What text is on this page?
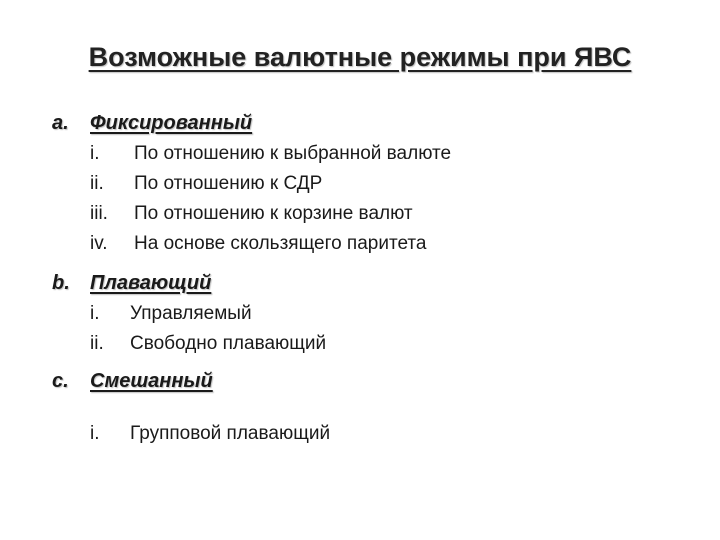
Возможные валютные режимы при ЯВС
a.	Фиксированный
i.	По отношению к выбранной валюте
ii.	По отношению к СДР
iii.	По отношению к корзине валют
iv.	На основе скользящего паритета
b.	Плавающий
i.	Управляемый
ii.	Свободно плавающий
c.	Смешанный
i.	Групповой плавающий
